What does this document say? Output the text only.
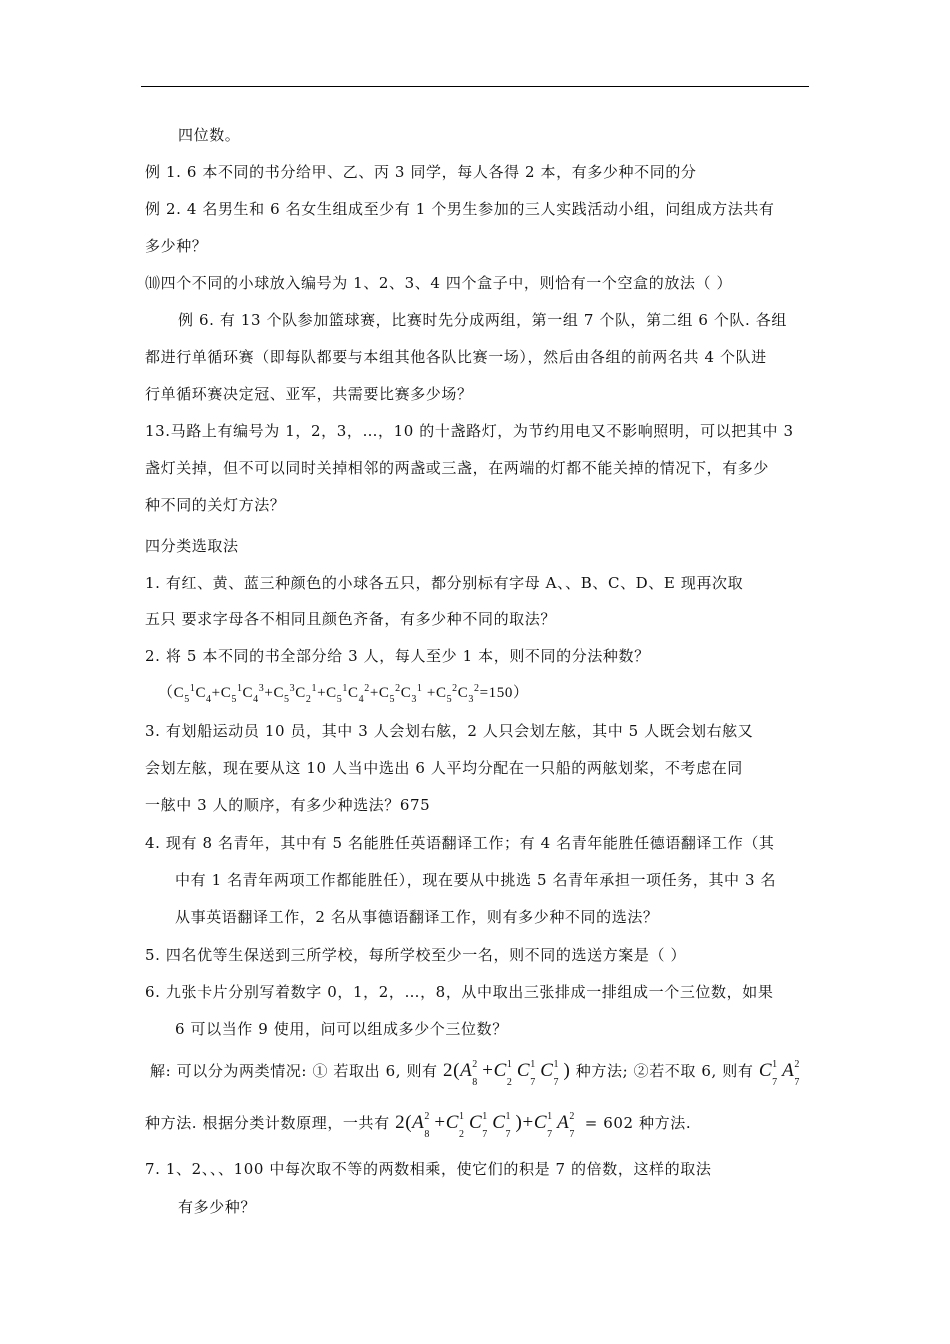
四位数。
例 1. 6 本不同的书分给甲、乙、丙 3 同学，每人各得 2 本，有多少种不同的分
例 2. 4 名男生和 6 名女生组成至少有 1 个男生参加的三人实践活动小组，问组成方法共有
多少种？
⑽四个不同的小球放入编号为 1、2、3、4 四个盒子中，则恰有一个空盒的放法（ ）
例 6. 有 13 个队参加篮球赛，比赛时先分成两组，第一组 7 个队，第二组 6 个队. 各组
都进行单循环赛（即每队都要与本组其他各队比赛一场），然后由各组的前两名共 4 个队进
行单循环赛决定冠、亚军，共需要比赛多少场？
13.马路上有编号为 1，2，3，…，10 的十盏路灯，为节约用电又不影响照明，可以把其中 3
盏灯关掉，但不可以同时关掉相邻的两盏或三盏，在两端的灯都不能关掉的情况下，有多少
种不同的关灯方法？
四分类选取法
1. 有红、黄、蓝三种颜色的小球各五只，都分别标有字母 A、、B、C、D、E 现再次取
五只 要求字母各不相同且颜色齐备，有多少种不同的取法？
2. 将 5 本不同的书全部分给 3 人，每人至少 1 本，则不同的分法种数？
$(C_5^1C_4+C_5^1C_4^3+C_5^3C_2^1+C_5^1C_4^2+C_5^2C_3^1 +C_5^2C_3^2=150)$
3. 有划船运动员 10 员，其中 3 人会划右舷，2 人只会划左舷，其中 5 人既会划右舷又
会划左舷，现在要从这 10 人当中选出 6 人平均分配在一只船的两舷划桨，不考虑在同
一舷中 3 人的顺序，有多少种选法？675
4. 现有 8 名青年，其中有 5 名能胜任英语翻译工作；有 4 名青年能胜任德语翻译工作（其
中有 1 名青年两项工作都能胜任），现在要从中挑选 5 名青年承担一项任务，其中 3 名
从事英语翻译工作，2 名从事德语翻译工作，则有多少种不同的选法？
5. 四名优等生保送到三所学校，每所学校至少一名，则不同的选送方案是（ ）
6. 九张卡片分别写着数字 0，1，2，…，8，从中取出三张排成一排组成一个三位数，如果
6 可以当作 9 使用，问可以组成多少个三位数？
解: 可以分为两类情况: ① 若取出 6, 则有 2(A 2
8
+C 1
2
C 1
7
C 1
7
) 种方法; ②若不取 6, 则有 C 1
7
A 2
7
种方法. 根据分类计数原理，一共有 2(A 2
8
+C 1
2
C 1
7
C 1
7
)+C 1
7
A 2
7
= 602 种方法.
7. 1、2、、、100 中每次取不等的两数相乘，使它们的积是 7 的倍数，这样的取法
有多少种？
